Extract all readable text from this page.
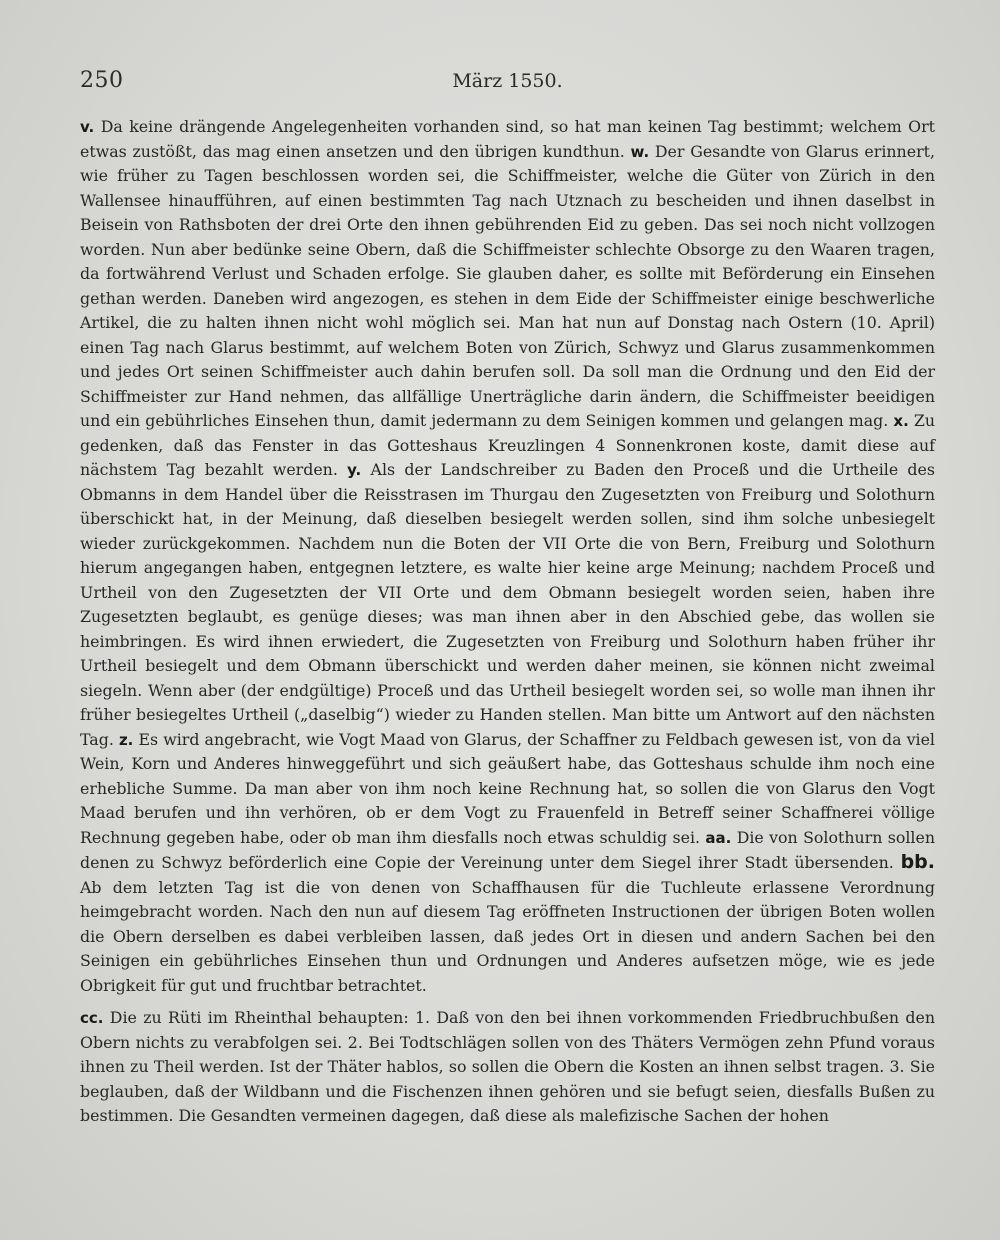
250	März 1550.

v. Da keine drängende Angelegenheiten vorhanden sind, so hat man keinen Tag bestimmt; welchem Ort etwas zustößt, das mag einen ansetzen und den übrigen kundthun. w. Der Gesandte von Glarus erinnert, wie früher zu Tagen beschlossen worden sei, die Schiffmeister, welche die Güter von Zürich in den Wallensee hinaufführen, auf einen bestimmten Tag nach Utznach zu bescheiden und ihnen daselbst in Beisein von Rathsboten der drei Orte den ihnen gebührenden Eid zu geben. Das sei noch nicht vollzogen worden. Nun aber bedünke seine Obern, daß die Schiffmeister schlechte Obsorge zu den Waaren tragen, da fortwährend Verlust und Schaden erfolge. Sie glauben daher, es sollte mit Beförderung ein Einsehen gethan werden. Daneben wird angezogen, es stehen in dem Eide der Schiffmeister einige beschwerliche Artikel, die zu halten ihnen nicht wohl möglich sei. Man hat nun auf Donstag nach Ostern (10. April) einen Tag nach Glarus bestimmt, auf welchem Boten von Zürich, Schwyz und Glarus zusammenkommen und jedes Ort seinen Schiffmeister auch dahin berufen soll. Da soll man die Ordnung und den Eid der Schiffmeister zur Hand nehmen, das allfällige Unerträgliche darin ändern, die Schiffmeister beeidigen und ein gebührliches Einsehen thun, damit jedermann zu dem Seinigen kommen und gelangen mag. x. Zu gedenken, daß das Fenster in das Gotteshaus Kreuzlingen 4 Sonnenkronen koste, damit diese auf nächstem Tag bezahlt werden. y. Als der Landschreiber zu Baden den Proceß und die Urtheile des Obmanns in dem Handel über die Reisstrasen im Thurgau den Zugesetzten von Freiburg und Solothurn überschickt hat, in der Meinung, daß dieselben besiegelt werden sollen, sind ihm solche unbesiegelt wieder zurückgekommen. Nachdem nun die Boten der VII Orte die von Bern, Freiburg und Solothurn hierum angegangen haben, entgegnen letztere, es walte hier keine arge Meinung; nachdem Proceß und Urtheil von den Zugesetzten der VII Orte und dem Obmann besiegelt worden seien, haben ihre Zugesetzten beglaubt, es genüge dieses; was man ihnen aber in den Abschied gebe, das wollen sie heimbringen. Es wird ihnen erwiedert, die Zugesetzten von Freiburg und Solothurn haben früher ihr Urtheil besiegelt und dem Obmann überschickt und werden daher meinen, sie können nicht zweimal siegeln. Wenn aber (der endgültige) Proceß und das Urtheil besiegelt worden sei, so wolle man ihnen ihr früher besiegeltes Urtheil („daselbig“) wieder zu Handen stellen. Man bitte um Antwort auf den nächsten Tag. z. Es wird angebracht, wie Vogt Maad von Glarus, der Schaffner zu Feldbach gewesen ist, von da viel Wein, Korn und Anderes hinweggeführt und sich geäußert habe, das Gotteshaus schulde ihm noch eine erhebliche Summe. Da man aber von ihm noch keine Rechnung hat, so sollen die von Glarus den Vogt Maad berufen und ihn verhören, ob er dem Vogt zu Frauenfeld in Betreff seiner Schaffnerei völlige Rechnung gegeben habe, oder ob man ihm diesfalls noch etwas schuldig sei. aa. Die von Solothurn sollen denen zu Schwyz beförderlich eine Copie der Vereinung unter dem Siegel ihrer Stadt übersenden. bb. Ab dem letzten Tag ist die von denen von Schaffhausen für die Tuchleute erlassene Verordnung heimgebracht worden. Nach den nun auf diesem Tag eröffneten Instructionen der übrigen Boten wollen die Obern derselben es dabei verbleiben lassen, daß jedes Ort in diesen und andern Sachen bei den Seinigen ein gebührliches Einsehen thun und Ordnungen und Anderes aufsetzen möge, wie es jede Obrigkeit für gut und fruchtbar betrachtet.

cc. Die zu Rüti im Rheinthal behaupten: 1. Daß von den bei ihnen vorkommenden Friedbruchbußen den Obern nichts zu verabfolgen sei. 2. Bei Todtschlägen sollen von des Thäters Vermögen zehn Pfund voraus ihnen zu Theil werden. Ist der Thäter hablos, so sollen die Obern die Kosten an ihnen selbst tragen. 3. Sie beglauben, daß der Wildbann und die Fischenzen ihnen gehören und sie befugt seien, diesfalls Bußen zu bestimmen. Die Gesandten vermeinen dagegen, daß diese als malefizische Sachen der hohen
